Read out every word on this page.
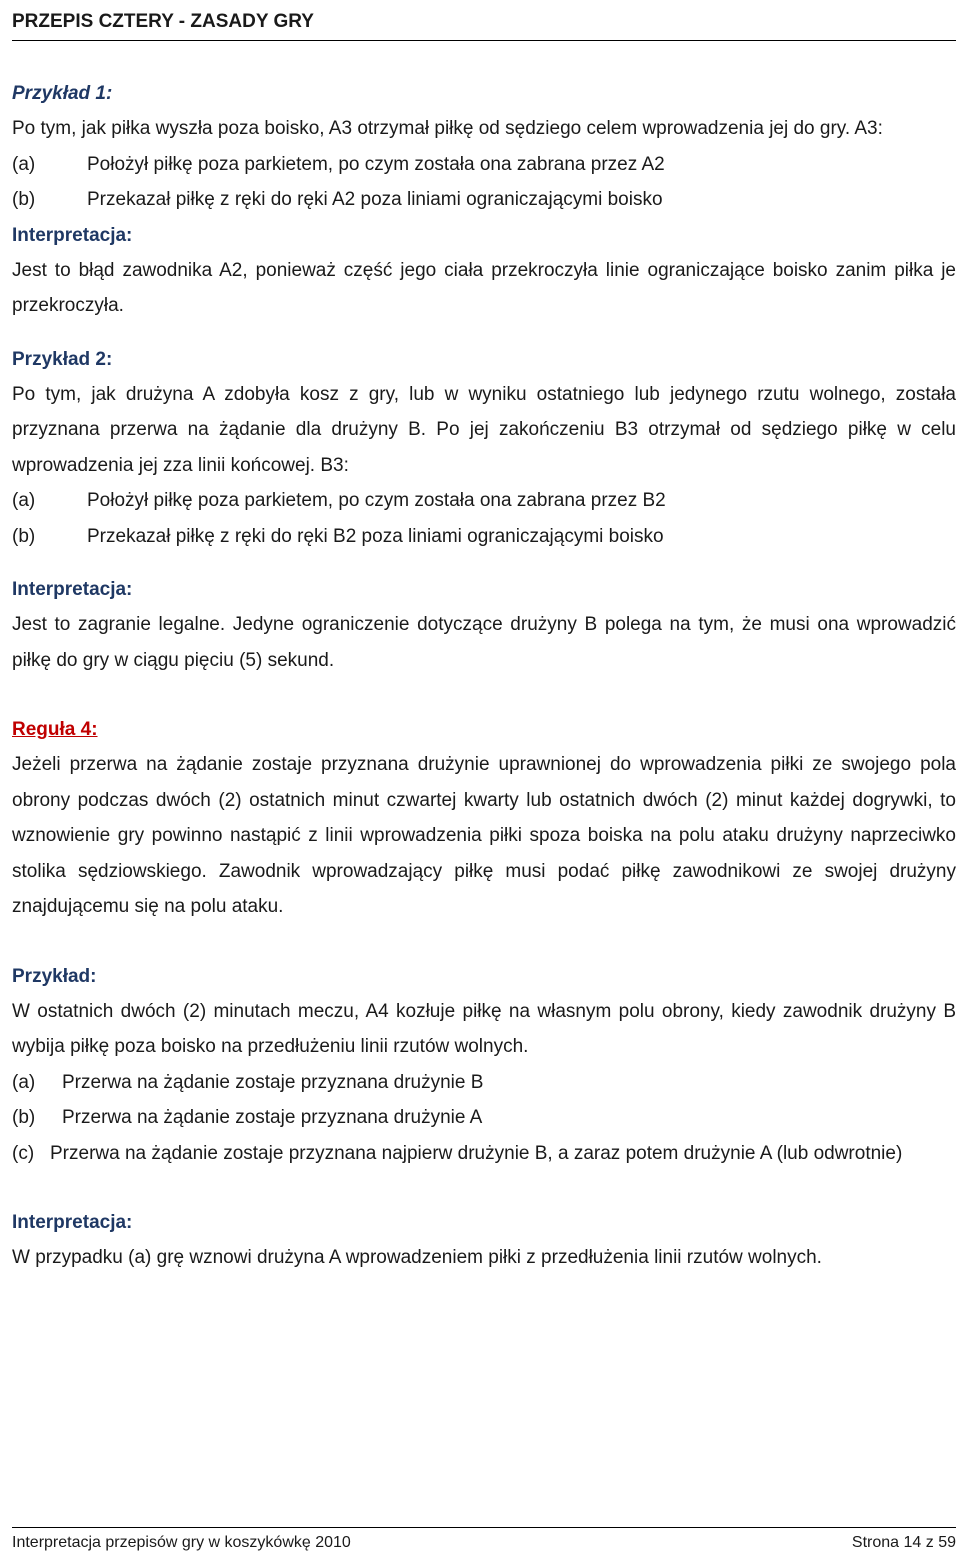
PRZEPIS CZTERY - ZASADY GRY
Przykład 1:

Po tym, jak piłka wyszła poza boisko, A3 otrzymał piłkę od sędziego celem wprowadzenia jej do gry. A3:

(a)	Położył piłkę poza parkietem, po czym została ona zabrana przez A2
(b)	Przekazał piłkę z ręki do ręki A2 poza liniami ograniczającymi boisko
Interpretacja:

Jest to błąd zawodnika A2, ponieważ część jego ciała przekroczyła linie ograniczające boisko zanim piłka je przekroczyła.

Przykład 2:

Po tym, jak drużyna A zdobyła kosz z gry, lub w wyniku ostatniego lub jedynego rzutu wolnego, została przyznana przerwa na żądanie dla drużyny B. Po jej zakończeniu B3 otrzymał od sędziego piłkę w celu wprowadzenia jej zza linii końcowej. B3:

(a)	Położył piłkę poza parkietem, po czym została ona zabrana przez B2
(b)	Przekazał piłkę z ręki do ręki B2 poza liniami ograniczającymi boisko
Interpretacja:

Jest to zagranie legalne. Jedyne ograniczenie dotyczące drużyny B polega na tym, że musi ona wprowadzić piłkę do gry w ciągu pięciu (5) sekund.

Reguła 4:

Jeżeli przerwa na żądanie zostaje przyznana drużynie uprawnionej do wprowadzenia piłki ze swojego pola obrony podczas dwóch (2) ostatnich minut czwartej kwarty lub ostatnich dwóch (2) minut każdej dogrywki, to wznowienie gry powinno nastąpić z linii wprowadzenia piłki spoza boiska na polu ataku drużyny naprzeciwko stolika sędziowskiego. Zawodnik wprowadzający piłkę musi podać piłkę zawodnikowi ze swojej drużyny znajdującemu się na polu ataku.

Przykład:

W ostatnich dwóch (2) minutach meczu, A4 kozłuje piłkę na własnym polu obrony, kiedy zawodnik drużyny B wybija piłkę poza boisko na przedłużeniu linii rzutów wolnych.

(a)	Przerwa na żądanie zostaje przyznana drużynie B
(b)	Przerwa na żądanie zostaje przyznana drużynie A

(c) Przerwa na żądanie zostaje przyznana najpierw drużynie B, a zaraz potem drużynie A (lub odwrotnie)

Interpretacja:

W przypadku (a) grę wznowi drużyna A wprowadzeniem piłki z przedłużenia linii rzutów wolnych.

Interpretacja przepisów gry w koszykówkę 2010	Strona 14 z 59
